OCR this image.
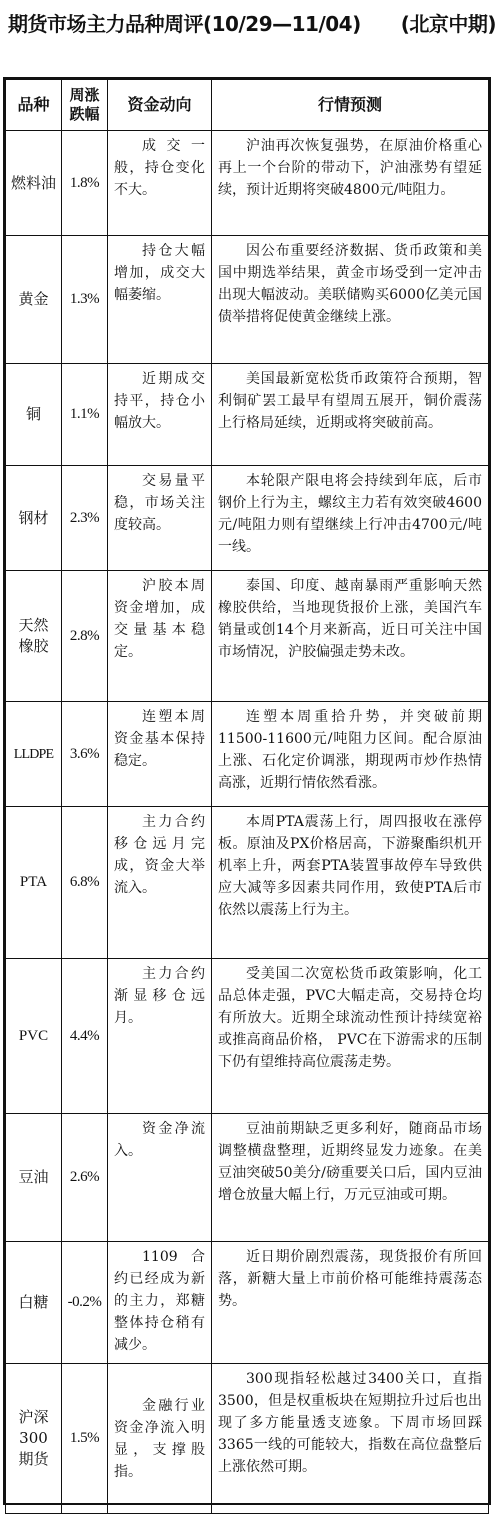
期货市场主力品种周评(10/29—11/04) (北京中期)
品种	周涨跌幅	资金动向	行情预测
燃料油	1.8%	成交一般，持仓变化不大。	沪油再次恢复强势，在原油价格重心再上一个台阶的带动下，沪油涨势有望延续，预计近期将突破4800元/吨阻力。
黄金	1.3%	持仓大幅增加，成交大幅萎缩。	因公布重要经济数据、货币政策和美国中期选举结果，黄金市场受到一定冲击出现大幅波动。美联储购买6000亿美元国债举措将促使黄金继续上涨。
铜	1.1%	近期成交持平，持仓小幅放大。	美国最新宽松货币政策符合预期，智利铜矿罢工最早有望周五展开，铜价震荡上行格局延续，近期或将突破前高。
钢材	2.3%	交易量平稳，市场关注度较高。	本轮限产限电将会持续到年底，后市钢价上行为主，螺纹主力若有效突破4600元/吨阻力则有望继续上行冲击4700元/吨一线。
天然橡胶	2.8%	沪胶本周资金增加，成交量基本稳定。	泰国、印度、越南暴雨严重影响天然橡胶供给，当地现货报价上涨，美国汽车销量或创14个月来新高，近日可关注中国市场情况，沪胶偏强走势未改。
LLDPE	3.6%	连塑本周资金基本保持稳定。	连塑本周重拾升势，并突破前期11500-11600元/吨阻力区间。配合原油上涨、石化定价调涨，期现两市炒作热情高涨，近期行情依然看涨。
PTA	6.8%	主力合约移仓远月完成，资金大举流入。	本周PTA震荡上行，周四报收在涨停板。原油及PX价格居高，下游聚酯织机开机率上升，两套PTA装置事故停车导致供应大减等多因素共同作用，致使PTA后市依然以震荡上行为主。
PVC	4.4%	主力合约渐显移仓远月。	受美国二次宽松货币政策影响，化工品总体走强，PVC大幅走高，交易持仓均有所放大。近期全球流动性预计持续宽裕或推高商品价格， PVC在下游需求的压制下仍有望维持高位震荡走势。
豆油	2.6%	资金净流入。	豆油前期缺乏更多利好，随商品市场调整横盘整理，近期终显发力迹象。在美豆油突破50美分/磅重要关口后，国内豆油增仓放量大幅上行，万元豆油或可期。
白糖	-0.2%	1109合约已经成为新的主力，郑糖整体持仓稍有减少。	近日期价剧烈震荡，现货报价有所回落，新糖大量上市前价格可能维持震荡态势。
沪深300期货	1.5%	金融行业资金净流入明显，支撑股指。	300现指轻松越过3400关口，直指3500，但是权重板块在短期拉升过后也出现了多方能量透支迹象。下周市场回踩3365一线的可能较大，指数在高位盘整后上涨依然可期。
